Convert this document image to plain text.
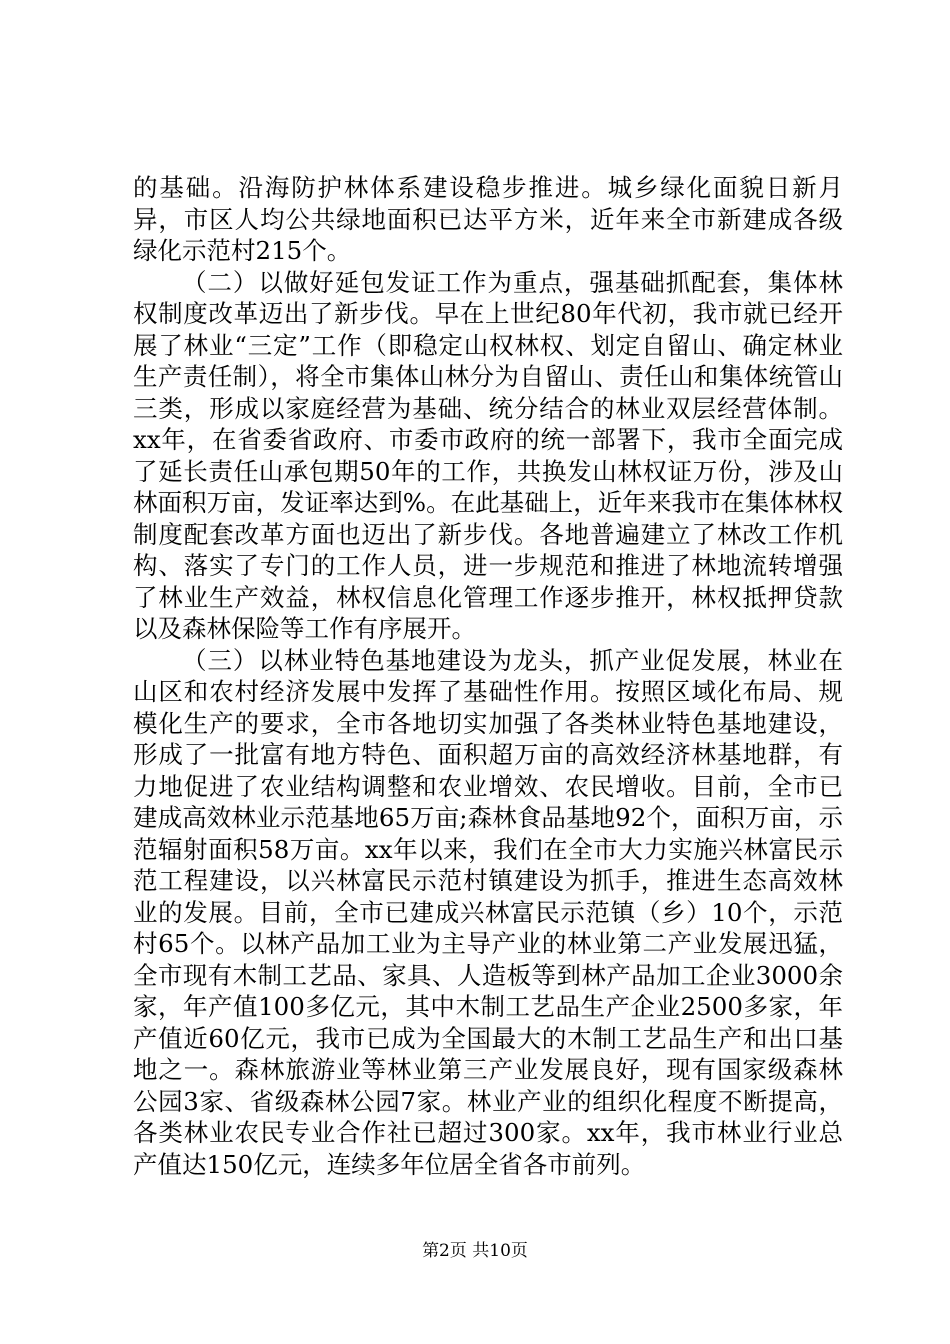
的基础。沿海防护林体系建设稳步推进。城乡绿化面貌日新月异，市区人均公共绿地面积已达平方米，近年来全市新建成各级绿化示范村215个。

（二）以做好延包发证工作为重点，强基础抓配套，集体林权制度改革迈出了新步伐。早在上世纪80年代初，我市就已经开展了林业“三定”工作（即稳定山权林权、划定自留山、确定林业生产责任制），将全市集体山林分为自留山、责任山和集体统管山三类，形成以家庭经营为基础、统分结合的林业双层经营体制。xx年，在省委省政府、市委市政府的统一部署下，我市全面完成了延长责任山承包期50年的工作，共换发山林权证万份，涉及山林面积万亩，发证率达到%。在此基础上，近年来我市在集体林权制度配套改革方面也迈出了新步伐。各地普遍建立了林改工作机构、落实了专门的工作人员，进一步规范和推进了林地流转增强了林业生产效益，林权信息化管理工作逐步推开，林权抵押贷款以及森林保险等工作有序展开。

（三）以林业特色基地建设为龙头，抓产业促发展，林业在山区和农村经济发展中发挥了基础性作用。按照区域化布局、规模化生产的要求，全市各地切实加强了各类林业特色基地建设，形成了一批富有地方特色、面积超万亩的高效经济林基地群，有力地促进了农业结构调整和农业增效、农民增收。目前，全市已建成高效林业示范基地65万亩;森林食品基地92个，面积万亩，示范辐射面积58万亩。xx年以来，我们在全市大力实施兴林富民示范工程建设，以兴林富民示范村镇建设为抓手，推进生态高效林业的发展。目前，全市已建成兴林富民示范镇（乡）10个，示范村65个。以林产品加工业为主导产业的林业第二产业发展迅猛，全市现有木制工艺品、家具、人造板等到林产品加工企业3000余家，年产值100多亿元，其中木制工艺品生产企业2500多家，年产值近60亿元，我市已成为全国最大的木制工艺品生产和出口基地之一。森林旅游业等林业第三产业发展良好，现有国家级森林公园3家、省级森林公园7家。林业产业的组织化程度不断提高，各类林业农民专业合作社已超过300家。xx年，我市林业行业总产值达150亿元，连续多年位居全省各市前列。

第2页 共10页
